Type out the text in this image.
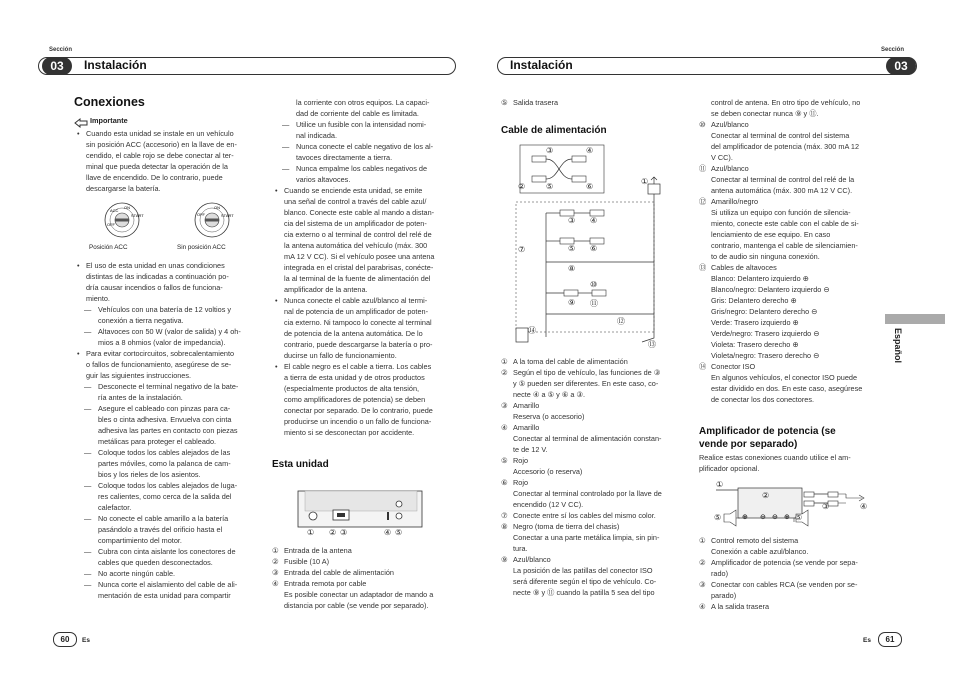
Sección	Sección
03	Instalación	03
Instalación
Conexiones
Importante

• Cuando esta unidad se instale en un vehículo

sin posición ACC (accesorio) en la llave de en-

cendido, el cable rojo se debe conectar al ter-

minal que pueda detectar la operación de la

llave de encendido. De lo contrario, puede

descargarse la batería.

ACC
ON
START
OFF
ON
START
OFF
Posición ACC	Sin posición ACC

• El uso de esta unidad en unas condiciones

distintas de las indicadas a continuación po-

dría causar incendios o fallos de funciona-

miento.

— Vehículos con una batería de 12 voltios y

conexión a tierra negativa.

— Altavoces con 50 W (valor de salida) y 4 oh-

mios a 8 ohmios (valor de impedancia).

• Para evitar cortocircuitos, sobrecalentamiento

o fallos de funcionamiento, asegúrese de se-

guir las siguientes instrucciones.

— Desconecte el terminal negativo de la bate-

ría antes de la instalación.

— Asegure el cableado con pinzas para ca-

bles o cinta adhesiva. Envuelva con cinta

adhesiva las partes en contacto con piezas

metálicas para proteger el cableado.

— Coloque todos los cables alejados de las

partes móviles, como la palanca de cam-

bios y los rieles de los asientos.

— Coloque todos los cables alejados de luga-

res calientes, como cerca de la salida del

calefactor.

— No conecte el cable amarillo a la batería

pasándolo a través del orificio hasta el

compartimiento del motor.

— Cubra con cinta aislante los conectores de

cables que queden desconectados.

— No acorte ningún cable.

— Nunca corte el aislamiento del cable de ali-

mentación de esta unidad para compartir

la corriente con otros equipos. La capaci-

dad de corriente del cable es limitada.

— Utilice un fusible con la intensidad nomi-

nal indicada.

— Nunca conecte el cable negativo de los al-

tavoces directamente a tierra.

— Nunca empalme los cables negativos de

varios altavoces.

• Cuando se enciende esta unidad, se emite

una señal de control a través del cable azul/

blanco. Conecte este cable al mando a distan-

cia del sistema de un amplificador de poten-

cia externo o al terminal de control del relé de

la antena automática del vehículo (máx. 300

mA 12 V CC). Si el vehículo posee una antena

integrada en el cristal del parabrisas, conécte-

la al terminal de la fuente de alimentación del

amplificador de la antena.

• Nunca conecte el cable azul/blanco al termi-

nal de potencia de un amplificador de poten-

cia externo. Ni tampoco lo conecte al terminal

de potencia de la antena automática. De lo

contrario, puede descargarse la batería o pro-

ducirse un fallo de funcionamiento.

• El cable negro es el cable a tierra. Los cables

a tierra de esta unidad y de otros productos

(especialmente productos de alta tensión,

como amplificadores de potencia) se deben

conectar por separado. De lo contrario, puede

producirse un incendio o un fallo de funciona-

miento si se desconectan por accidente.

Esta unidad
① ② ③	④ ⑤
① Entrada de la antena
② Fusible (10 A)
③ Entrada del cable de alimentación
④ Entrada remota por cable

Es posible conectar un adaptador de mando a

distancia por cable (se vende por separado).

⑤ Salida trasera
Cable de alimentación
③	④
⑤	⑥
②
①
③ ④
⑦	⑤ ⑥
⑧
⑩
⑨ ⑪
⑫
⑭
⑬
① A la toma del cable de alimentación

② Según el tipo de vehículo, las funciones de ③

y ⑤ pueden ser diferentes. En este caso, co-

necte ④ a ⑤ y ⑥ a ③.

③ Amarillo

Reserva (o accesorio)

④ Amarillo

Conectar al terminal de alimentación constan-

te de 12 V.

⑤ Rojo

Accesorio (o reserva)

⑥ Rojo

Conectar al terminal controlado por la llave de

encendido (12 V CC).

⑦ Conecte entre sí los cables del mismo color.

⑧ Negro (toma de tierra del chasis)

Conectar a una parte metálica limpia, sin pin-

tura.

⑨ Azul/blanco

La posición de las patillas del conector ISO

será diferente según el tipo de vehículo. Co-

necte ⑨ y ⑪ cuando la patilla 5 sea del tipo

control de antena. En otro tipo de vehículo, no

se deben conectar nunca ⑨ y ⑪.

⑩ Azul/blanco

Conectar al terminal de control del sistema

del amplificador de potencia (máx. 300 mA 12

V CC).

⑪ Azul/blanco

Conectar al terminal de control del relé de la

antena automática (máx. 300 mA 12 V CC).

⑫ Amarillo/negro

Si utiliza un equipo con función de silencia-

miento, conecte este cable con el cable de si-

lenciamiento de ese equipo. En caso

contrario, mantenga el cable de silenciamien-

to de audio sin ninguna conexión.

⑬ Cables de altavoces

Blanco: Delantero izquierdo ⊕

Blanco/negro: Delantero izquierdo ⊖

Gris: Delantero derecho ⊕

Gris/negro: Delantero derecho ⊖

Verde: Trasero izquierdo ⊕

Verde/negro: Trasero izquierdo ⊖

Violeta: Trasero derecho ⊕

Violeta/negro: Trasero derecho ⊖

⑭ Conector ISO

En algunos vehículos, el conector ISO puede

estar dividido en dos. En este caso, asegúrese

de conectar los dos conectores.

Amplificador de potencia (se
vende por separado)

Realice estas conexiones cuando utilice el am-

plificador opcional.

⊕ ⊖ ⊖ ⊕
①
②
③	④
⑤	⑤
① Control remoto del sistema

Conexión a cable azul/blanco.

② Amplificador de potencia (se vende por sepa-

rado)

③ Conectar con cables RCA (se venden por se-

parado)

④ A la salida trasera

Español
60	Es	Es	61
